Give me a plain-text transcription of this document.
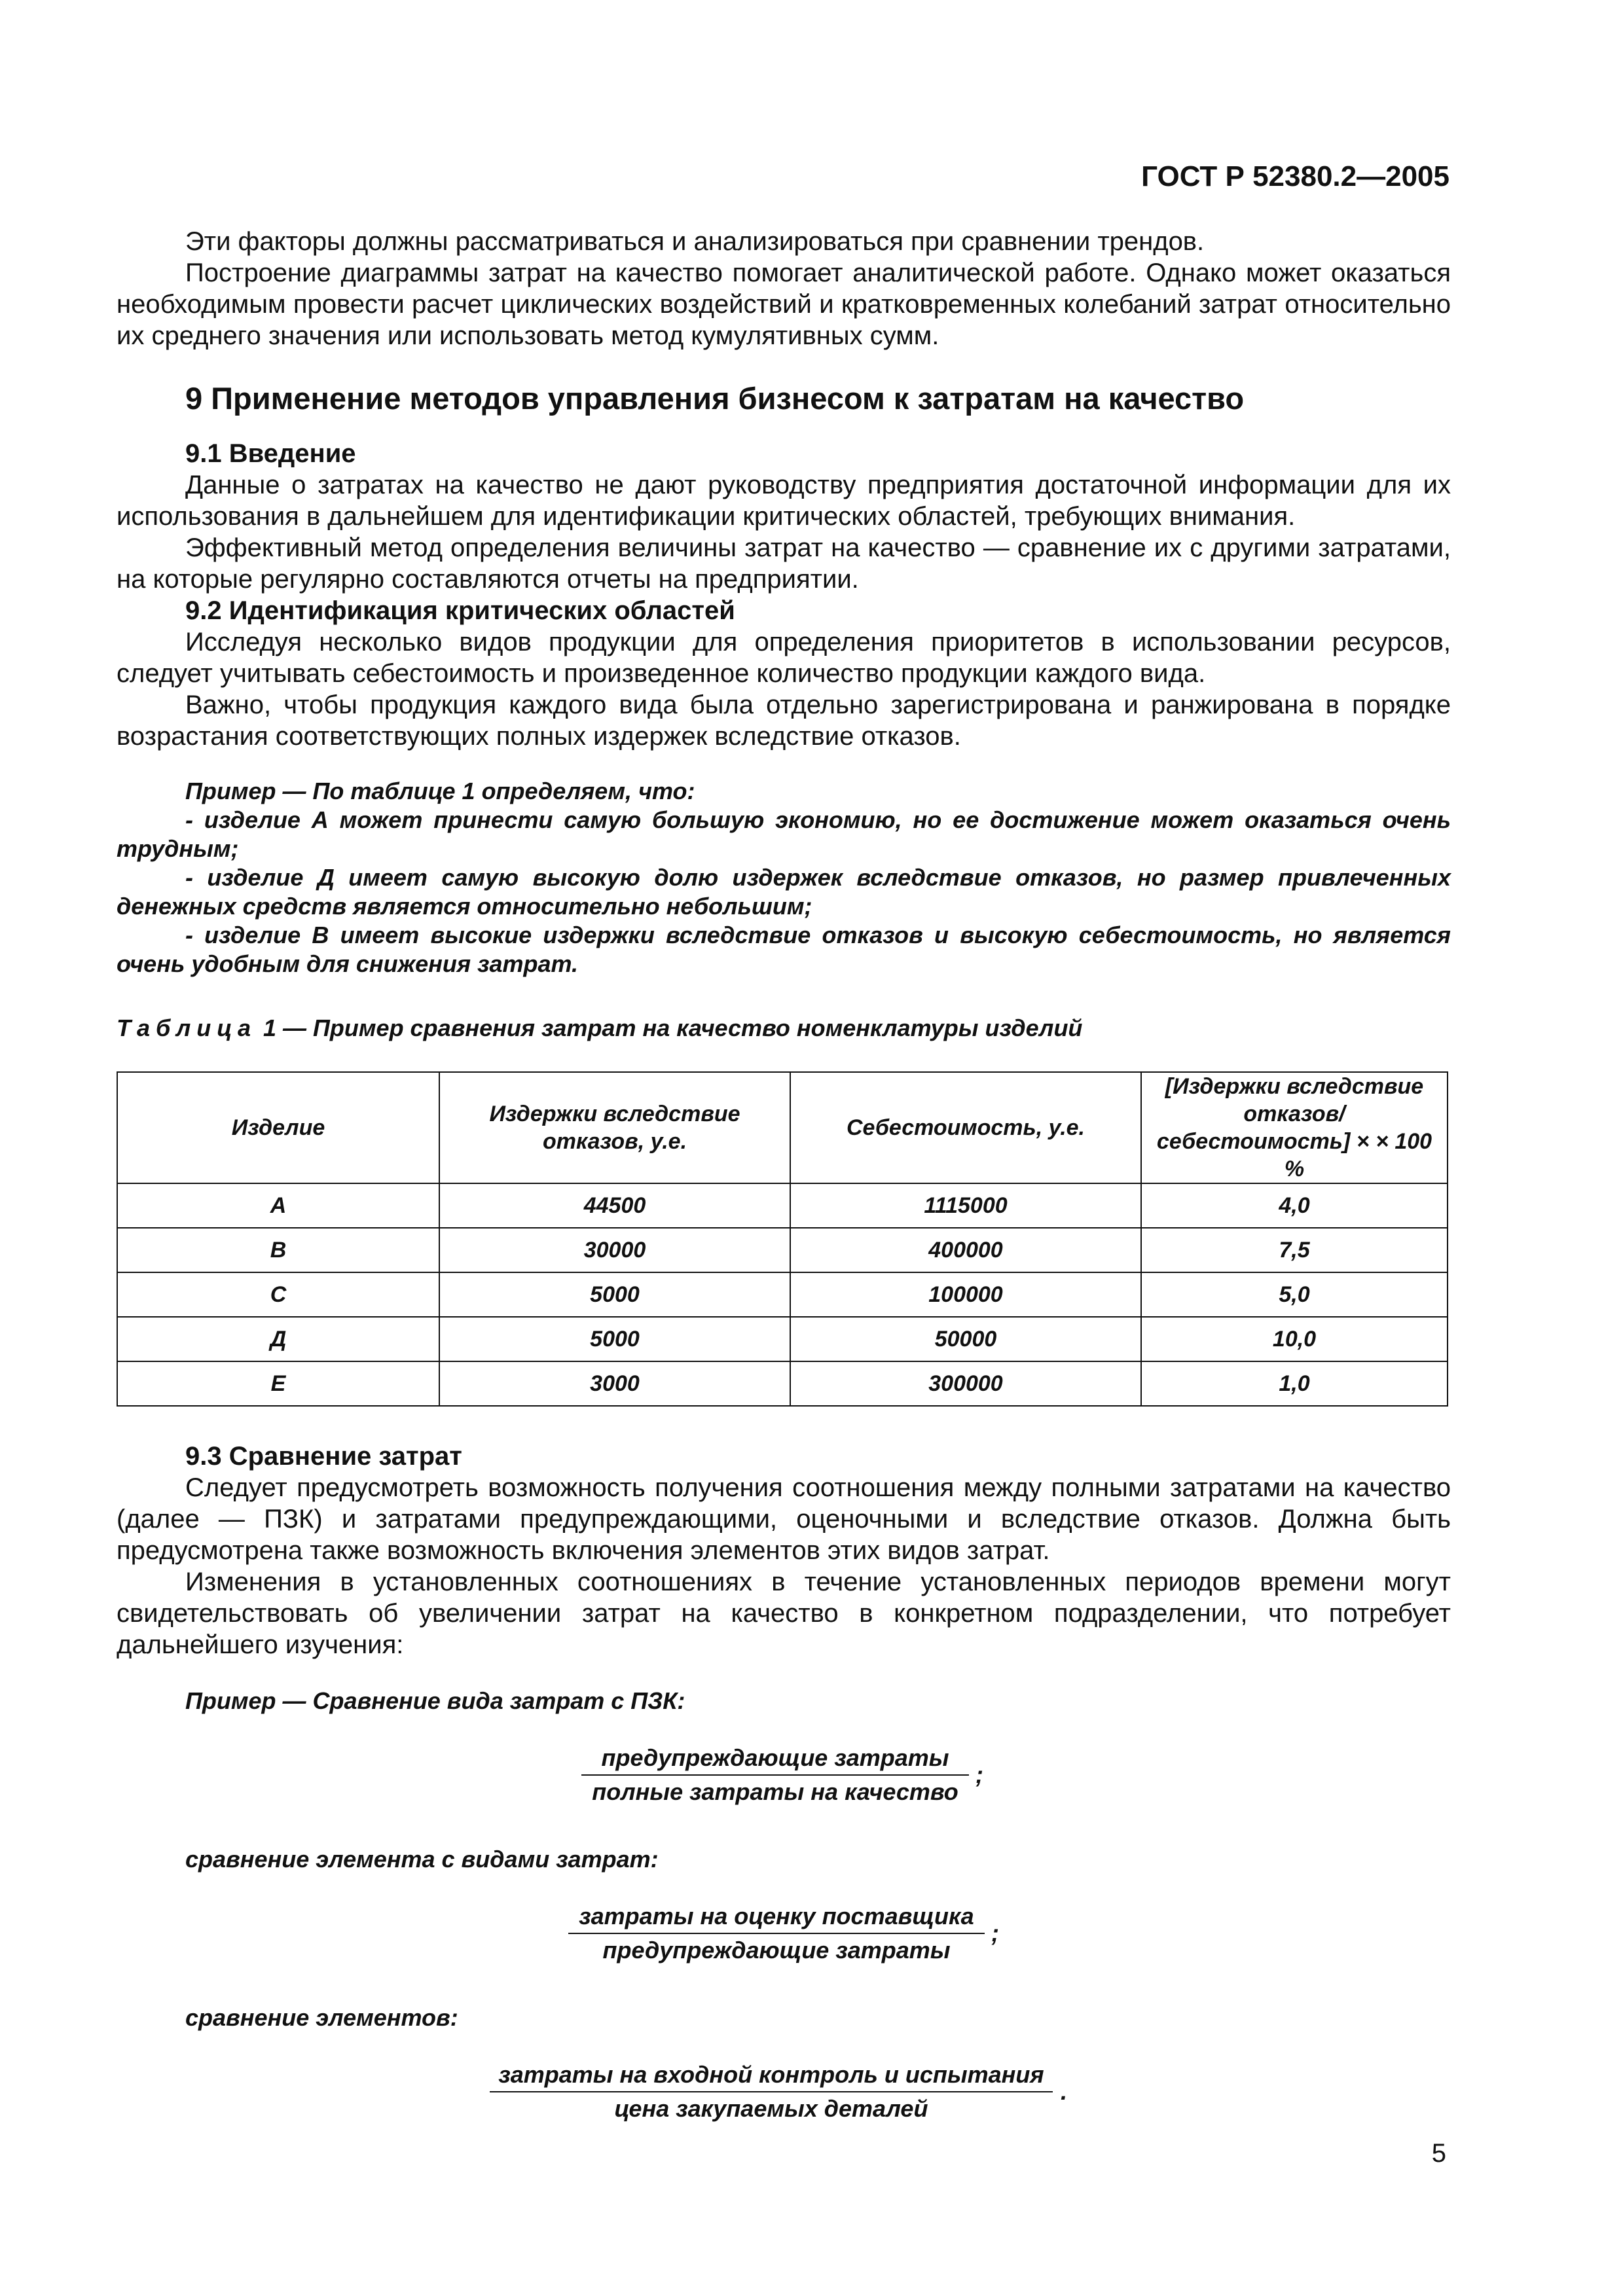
ГОСТ Р 52380.2—2005

Эти факторы должны рассматриваться и анализироваться при сравнении трендов.

Построение диаграммы затрат на качество помогает аналитической работе. Однако может оказаться необходимым провести расчет циклических воздействий и кратковременных колебаний затрат относительно их среднего значения или использовать метод кумулятивных сумм.

9 Применение методов управления бизнесом к затратам на качество
9.1 Введение

Данные о затратах на качество не дают руководству предприятия достаточной информации для их использования в дальнейшем для идентификации критических областей, требующих внимания.

Эффективный метод определения величины затрат на качество — сравнение их с другими затратами, на которые регулярно составляются отчеты на предприятии.

9.2 Идентификация критических областей

Исследуя несколько видов продукции для определения приоритетов в использовании ресурсов, следует учитывать себестоимость и произведенное количество продукции каждого вида.

Важно, чтобы продукция каждого вида была отдельно зарегистрирована и ранжирована в порядке возрастания соответствующих полных издержек вследствие отказов.

Пример — По таблице 1 определяем, что:

- изделие А может принести самую большую экономию, но ее достижение может оказаться очень трудным;

- изделие Д имеет самую высокую долю издержек вследствие отказов, но размер привлеченных денежных средств является относительно небольшим;

- изделие В имеет высокие издержки вследствие отказов и высокую себестоимость, но является очень удобным для снижения затрат.

Таблица 1 — Пример сравнения затрат на качество номенклатуры изделий
Изделие	Издержки вследствие отказов, у.е.	Себестоимость, у.е.	[Издержки вследствие отказов/себестоимость] × × 100 %
А	44500	1115000	4,0
В	30000	400000	7,5
С	5000	100000	5,0
Д	5000	50000	10,0
Е	3000	300000	1,0
9.3 Сравнение затрат

Следует предусмотреть возможность получения соотношения между полными затратами на качество (далее — ПЗК) и затратами предупреждающими, оценочными и вследствие отказов. Должна быть предусмотрена также возможность включения элементов этих видов затрат.

Изменения в установленных соотношениях в течение установленных периодов времени могут свидетельствовать об увеличении затрат на качество в конкретном подразделении, что потребует дальнейшего изучения:

Пример — Сравнение вида затрат с ПЗК:
предупреждающие затраты
полные затраты на качество
;
сравнение элемента с видами затрат:
затраты на оценку поставщика
предупреждающие затраты
;
сравнение элементов:
затраты на входной контроль и испытания
цена закупаемых деталей
.
5
